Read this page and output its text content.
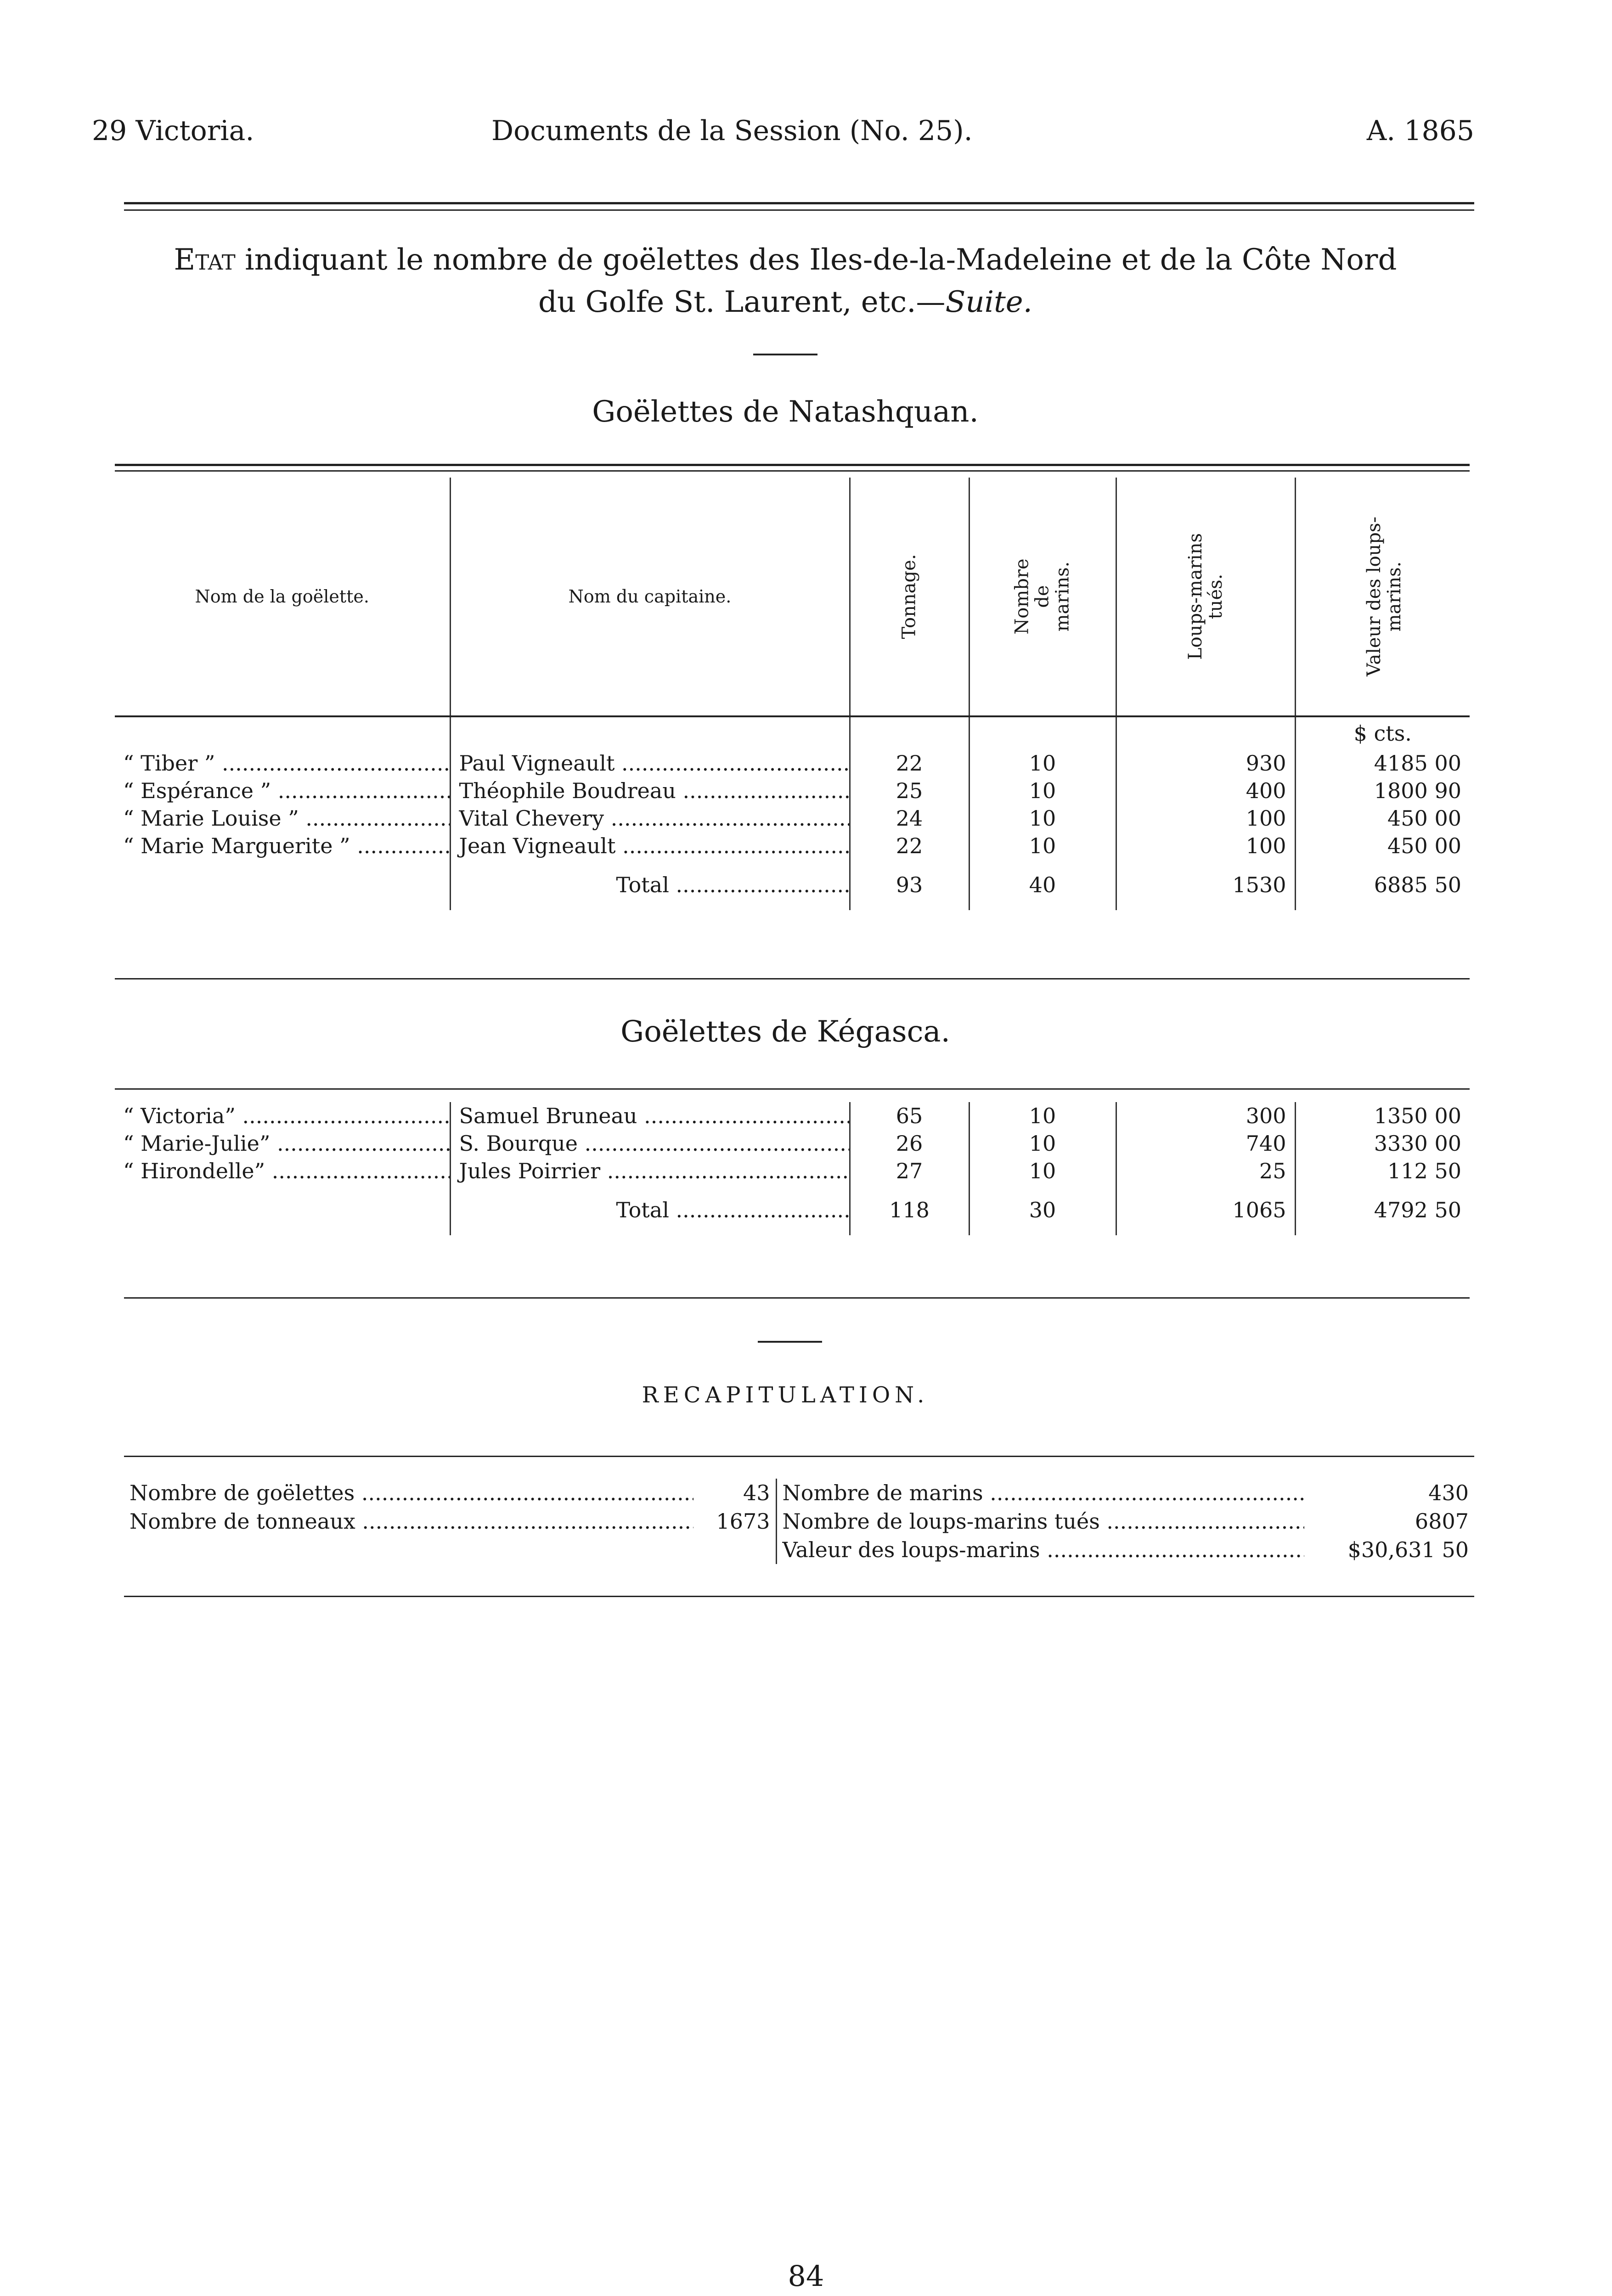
29 Victoria.	Documents de la Session (No. 25).	A. 1865
Etat indiquant le nombre de goëlettes des Iles-de-la-Madeleine et de la Côte Nord
du Golfe St. Laurent, etc.—Suite.
Goëlettes de Natashquan.
Nom de la goëlette.	Nom du capitaine.	Tonnage.	Nombre
de
marins.	Loups-marins
tués.	Valeur des loups-
marins.

					$ cts.
“ Tiber ” .....	Paul Vigneault .....	22	10	930	4185 00
“ Espérance ” .....	Théophile Boudreau .....	25	10	400	1800 90
“ Marie Louise ” .....	Vital Chevery .....	24	10	100	450 00
“ Marie Marguerite ” .....	Jean Vigneault .....	22	10	100	450 00
	Total .....	93	40	1530	6885 50
Goëlettes de Kégasca.
“ Victoria” .....	Samuel Bruneau .....	65	10	300	1350 00
“ Marie-Julie” .....	S. Bourque .....	26	10	740	3330 00
“ Hirondelle” .....	Jules Poirrier .....	27	10	25	112 50
	Total .....	118	30	1065	4792 50
RECAPITULATION.
Nombre de goëlettes .....	43	Nombre de marins .....	430
Nombre de tonneaux .....	1673	Nombre de loups-marins tués .....	6807
		Valeur des loups-marins .....	$30,631 50
84
